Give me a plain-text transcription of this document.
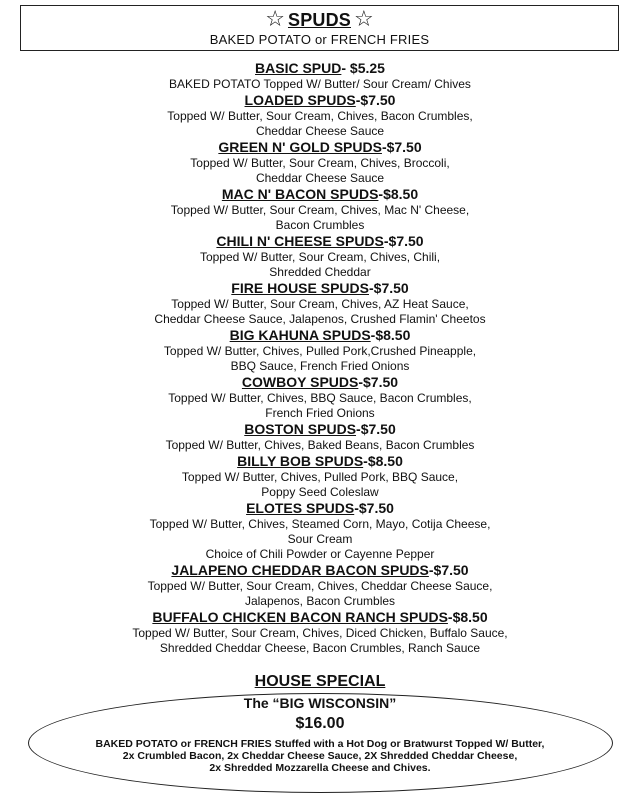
☆ SPUDS ☆
BAKED POTATO or FRENCH FRIES
BASIC SPUD- $5.25
BAKED POTATO Topped W/ Butter/ Sour Cream/ Chives
LOADED SPUDS-$7.50
Topped W/ Butter, Sour Cream, Chives, Bacon Crumbles,
Cheddar Cheese Sauce
GREEN N' GOLD SPUDS-$7.50
Topped W/ Butter, Sour Cream, Chives, Broccoli,
Cheddar Cheese Sauce
MAC N' BACON SPUDS-$8.50
Topped W/ Butter, Sour Cream, Chives, Mac N' Cheese,
Bacon Crumbles
CHILI N' CHEESE SPUDS-$7.50
Topped W/ Butter, Sour Cream, Chives, Chili,
Shredded Cheddar
FIRE HOUSE SPUDS-$7.50
Topped W/ Butter, Sour Cream, Chives, AZ Heat Sauce,
Cheddar Cheese Sauce, Jalapenos, Crushed Flamin' Cheetos
BIG KAHUNA SPUDS-$8.50
Topped W/ Butter, Chives, Pulled Pork,Crushed Pineapple,
BBQ Sauce, French Fried Onions
COWBOY SPUDS-$7.50
Topped W/ Butter, Chives, BBQ Sauce, Bacon Crumbles,
French Fried Onions
BOSTON SPUDS-$7.50
Topped W/ Butter, Chives, Baked Beans, Bacon Crumbles
BILLY BOB SPUDS-$8.50
Topped W/ Butter, Chives, Pulled Pork, BBQ Sauce,
Poppy Seed Coleslaw
ELOTES SPUDS-$7.50
Topped W/ Butter, Chives, Steamed Corn, Mayo, Cotija Cheese,
Sour Cream
Choice of Chili Powder or Cayenne Pepper
JALAPENO CHEDDAR BACON SPUDS-$7.50
Topped W/ Butter, Sour Cream, Chives, Cheddar Cheese Sauce,
Jalapenos, Bacon Crumbles
BUFFALO CHICKEN BACON RANCH SPUDS-$8.50
Topped W/ Butter, Sour Cream, Chives, Diced Chicken, Buffalo Sauce,
Shredded Cheddar Cheese, Bacon Crumbles, Ranch Sauce
HOUSE SPECIAL
The “BIG WISCONSIN”
$16.00
BAKED POTATO or FRENCH FRIES Stuffed with a Hot Dog or Bratwurst Topped W/ Butter,
2x Crumbled Bacon, 2x Cheddar Cheese Sauce, 2X Shredded Cheddar Cheese,
2x Shredded Mozzarella Cheese and Chives.
